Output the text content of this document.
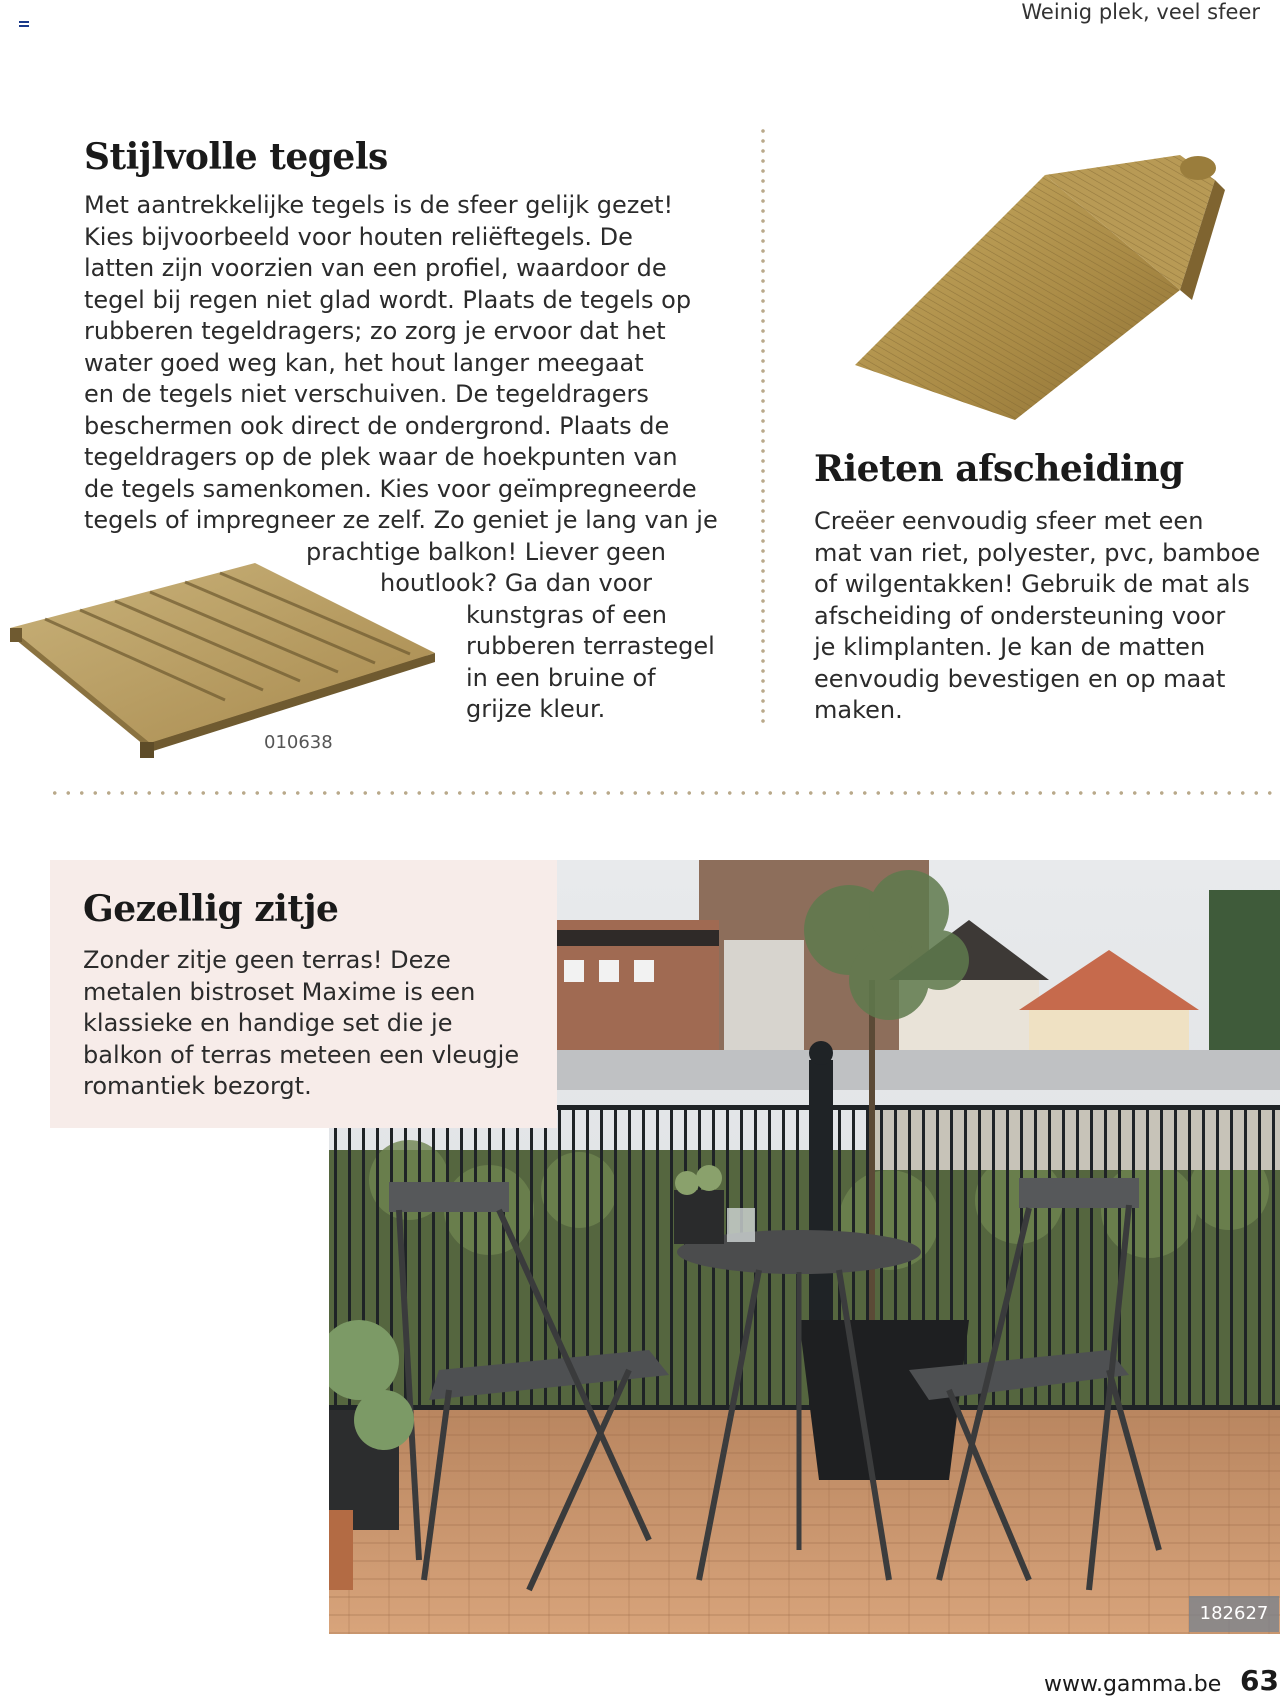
Weinig plek, veel sfeer
Stijlvolle tegels
Met aantrekkelijke tegels is de sfeer gelijk gezet!
Kies bijvoorbeeld voor houten reliëftegels. De
latten zijn voorzien van een profiel, waardoor de
tegel bij regen niet glad wordt. Plaats de tegels op
rubberen tegeldragers; zo zorg je ervoor dat het
water goed weg kan, het hout langer meegaat
en de tegels niet verschuiven. De tegeldragers
beschermen ook direct de ondergrond. Plaats de
tegeldragers op de plek waar de hoekpunten van
de tegels samenkomen. Kies voor geïmpregneerde
tegels of impregneer ze zelf. Zo geniet je lang van je
prachtige balkon! Liever geen
houtlook? Ga dan voor
kunstgras of een
rubberen terrastegel
in een bruine of
grijze kleur.
010638
Rieten afscheiding
Creëer eenvoudig sfeer met een
mat van riet, polyester, pvc, bamboe
of wilgentakken! Gebruik de mat als
afscheiding of ondersteuning voor
je klimplanten. Je kan de matten
eenvoudig bevestigen en op maat
maken.
182627
Gezellig zitje
Zonder zitje geen terras! Deze
metalen bistroset Maxime is een
klassieke en handige set die je
balkon of terras meteen een vleugje
romantiek bezorgt.
www.gamma.be 63
